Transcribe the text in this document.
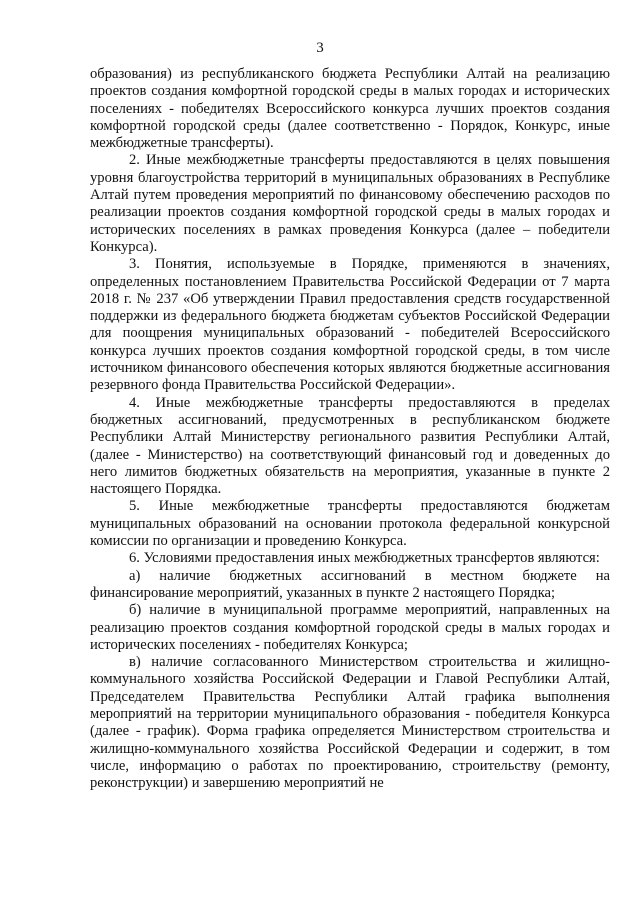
3

образования) из республиканского бюджета Республики Алтай на реализацию проектов создания комфортной городской среды в малых городах и исторических поселениях - победителях Всероссийского конкурса лучших проектов создания комфортной городской среды (далее соответственно - Порядок, Конкурс, иные межбюджетные трансферты).

2. Иные межбюджетные трансферты предоставляются в целях повышения уровня благоустройства территорий в муниципальных образованиях в Республике Алтай путем проведения мероприятий по финансовому обеспечению расходов по реализации проектов создания комфортной городской среды в малых городах и исторических поселениях в рамках проведения Конкурса (далее – победители Конкурса).

3. Понятия, используемые в Порядке, применяются в значениях, определенных постановлением Правительства Российской Федерации от 7 марта 2018 г. № 237 «Об утверждении Правил предоставления средств государственной поддержки из федерального бюджета бюджетам субъектов Российской Федерации для поощрения муниципальных образований - победителей Всероссийского конкурса лучших проектов создания комфортной городской среды, в том числе источником финансового обеспечения которых являются бюджетные ассигнования резервного фонда Правительства Российской Федерации».

4. Иные межбюджетные трансферты предоставляются в пределах бюджетных ассигнований, предусмотренных в республиканском бюджете Республики Алтай Министерству регионального развития Республики Алтай, (далее - Министерство) на соответствующий финансовый год и доведенных до него лимитов бюджетных обязательств на мероприятия, указанные в пункте 2 настоящего Порядка.

5. Иные межбюджетные трансферты предоставляются бюджетам муниципальных образований на основании протокола федеральной конкурсной комиссии по организации и проведению Конкурса.

6. Условиями предоставления иных межбюджетных трансфертов являются:

а) наличие бюджетных ассигнований в местном бюджете на финансирование мероприятий, указанных в пункте 2 настоящего Порядка;

б) наличие в муниципальной программе мероприятий, направленных на реализацию проектов создания комфортной городской среды в малых городах и исторических поселениях - победителях Конкурса;

в) наличие согласованного Министерством строительства и жилищно-коммунального хозяйства Российской Федерации и Главой Республики Алтай, Председателем Правительства Республики Алтай графика выполнения мероприятий на территории муниципального образования - победителя Конкурса (далее - график). Форма графика определяется Министерством строительства и жилищно-коммунального хозяйства Российской Федерации и содержит, в том числе, информацию о работах по проектированию, строительству (ремонту, реконструкции) и завершению мероприятий не
